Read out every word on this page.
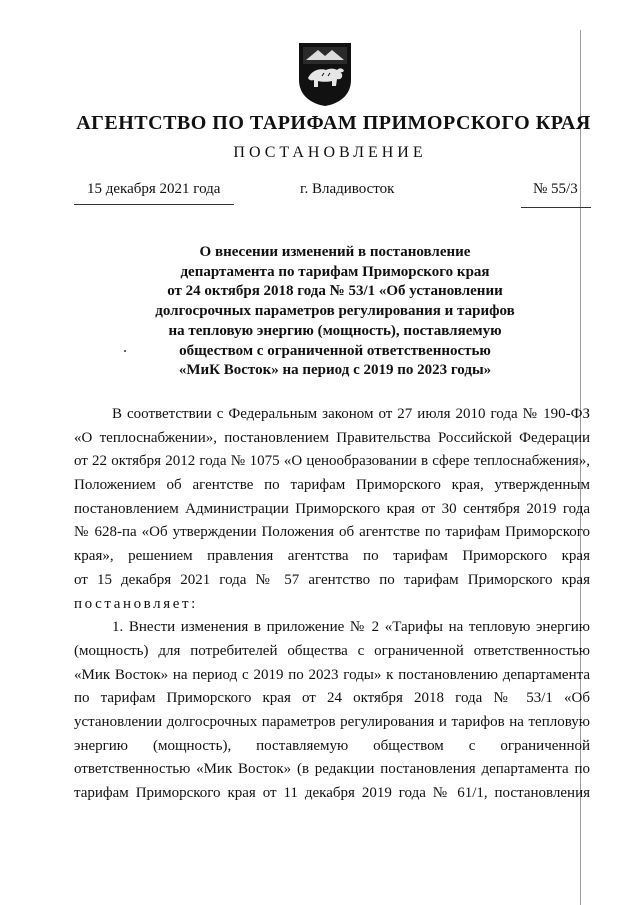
АГЕНТСТВО ПО ТАРИФАМ ПРИМОРСКОГО КРАЯ
ПОСТАНОВЛЕНИЕ
15 декабря 2021 года	г. Владивосток	№ 55/3
О внесении изменений в постановление
департамента по тарифам Приморского края
от 24 октября 2018 года № 53/1 «Об установлении
долгосрочных параметров регулирования и тарифов
на тепловую энергию (мощность), поставляемую
обществом с ограниченной ответственностью
«МиК Восток» на период с 2019 по 2023 годы»
В соответствии с Федеральным законом от 27 июля 2010 года № 190-ФЗ
«О теплоснабжении», постановлением Правительства Российской Федерации
от 22 октября 2012 года № 1075 «О ценообразовании в сфере теплоснабжения»,
Положением об агентстве по тарифам Приморского края, утвержденным
постановлением Администрации Приморского края от 30 сентября 2019 года
№ 628-па «Об утверждении Положения об агентстве по тарифам Приморского
края», решением правления агентства по тарифам Приморского края
от 15 декабря 2021 года № 57 агентство по тарифам Приморского края
постановляет:
1. Внести изменения в приложение № 2 «Тарифы на тепловую энергию
(мощность) для потребителей общества с ограниченной ответственностью
«Мик Восток» на период с 2019 по 2023 годы» к постановлению департамента
по тарифам Приморского края от 24 октября 2018 года № 53/1 «Об
установлении долгосрочных параметров регулирования и тарифов на тепловую
энергию (мощность), поставляемую обществом с ограниченной
ответственностью «Мик Восток» (в редакции постановления департамента по
тарифам Приморского края от 11 декабря 2019 года № 61/1, постановления
